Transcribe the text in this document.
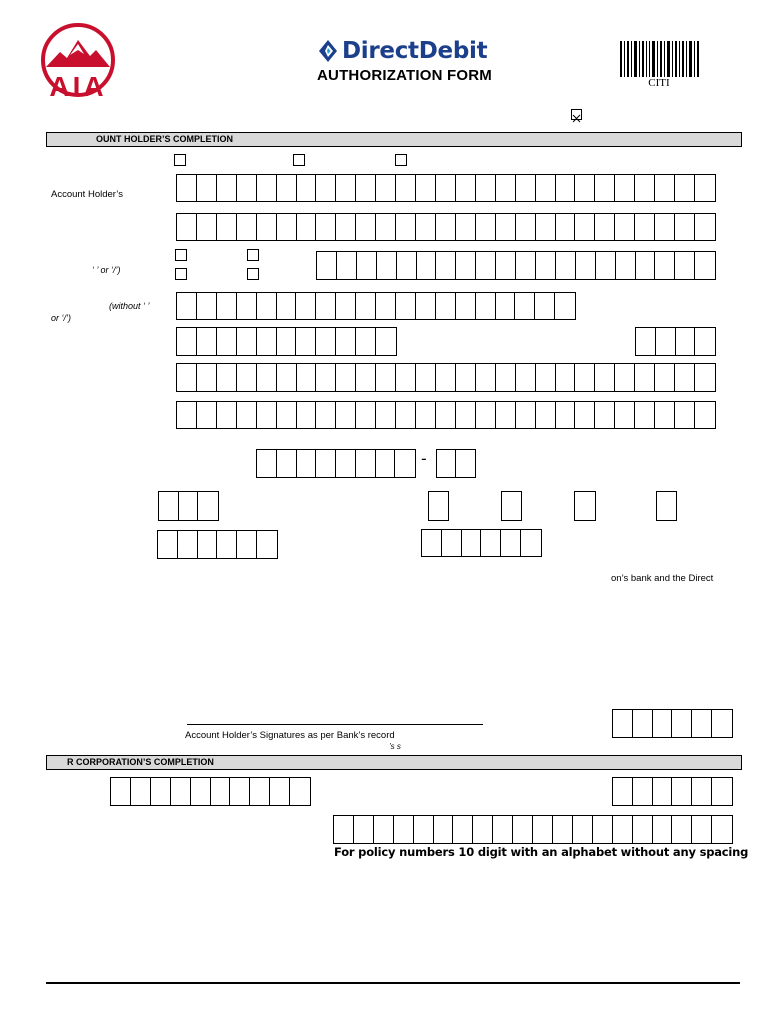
AIA
DirectDebit
AUTHORIZATION FORM	CITI
OUNT HOLDER’S COMPLETION
Account Holder’s
‘ ’ or ‘/’)
(without ‘ ’
or ‘/’)
-
on’s bank and the Direct
Account Holder’s Signatures as per Bank’s record
’s s
R CORPORATION’S COMPLETION
For policy numbers 10 digit with an alphabet without any spacing
